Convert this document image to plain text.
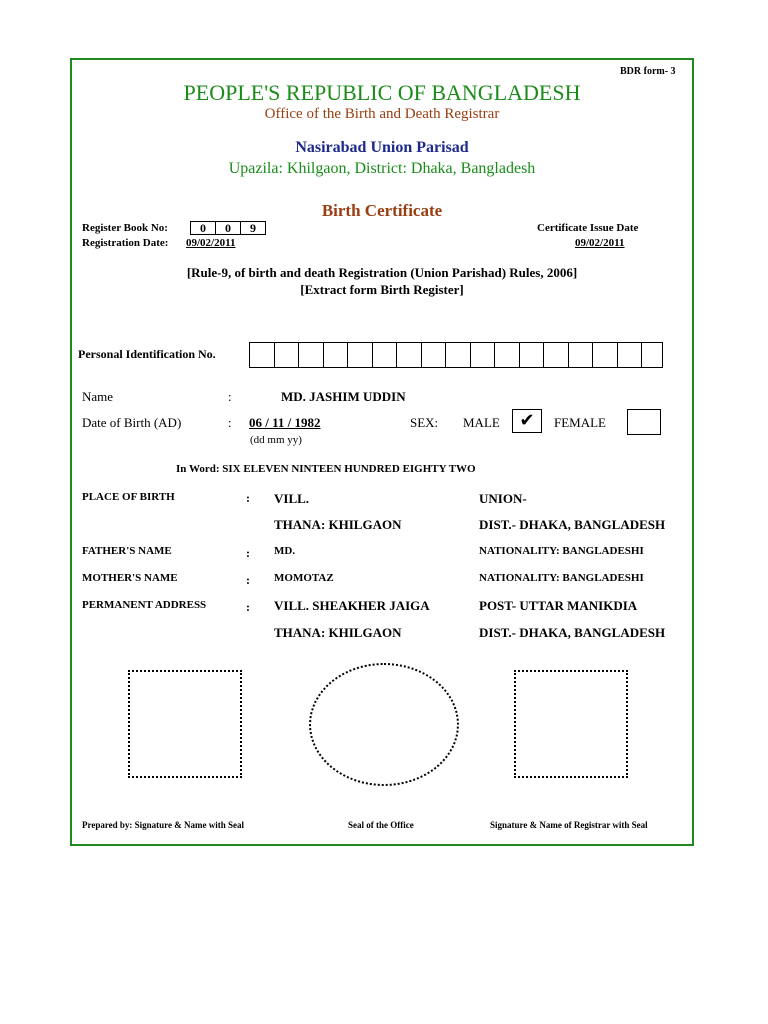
BDR form- 3
PEOPLE'S REPUBLIC OF BANGLADESH
Office of the Birth and Death Registrar
Nasirabad Union Parisad
Upazila: Khilgaon, District: Dhaka, Bangladesh
Birth Certificate
Register Book No:	0	0	9
Registration Date: 09/02/2011
Certificate Issue Date
09/02/2011
[Rule-9, of birth and death Registration (Union Parishad) Rules, 2006]
[Extract form Birth Register]
Personal Identification No.
Name	:	MD. JASHIM UDDIN
Date of Birth (AD)	: 06 / 11 / 1982
(dd mm yy)
SEX: MALE	✔	FEMALE
In Word: SIX ELEVEN NINTEEN HUNDRED EIGHTY TWO
PLACE OF BIRTH	: VILL.	UNION-
THANA: KHILGAON	DIST.- DHAKA, BANGLADESH
FATHER'S NAME	: MD.	NATIONALITY: BANGLADESHI
MOTHER'S NAME	: MOMOTAZ	NATIONALITY: BANGLADESHI
PERMANENT ADDRESS	: VILL. SHEAKHER JAIGA	POST- UTTAR MANIKDIA
THANA: KHILGAON	DIST.- DHAKA, BANGLADESH
Prepared by: Signature & Name with Seal	Seal of the Office	Signature & Name of Registrar with Seal
